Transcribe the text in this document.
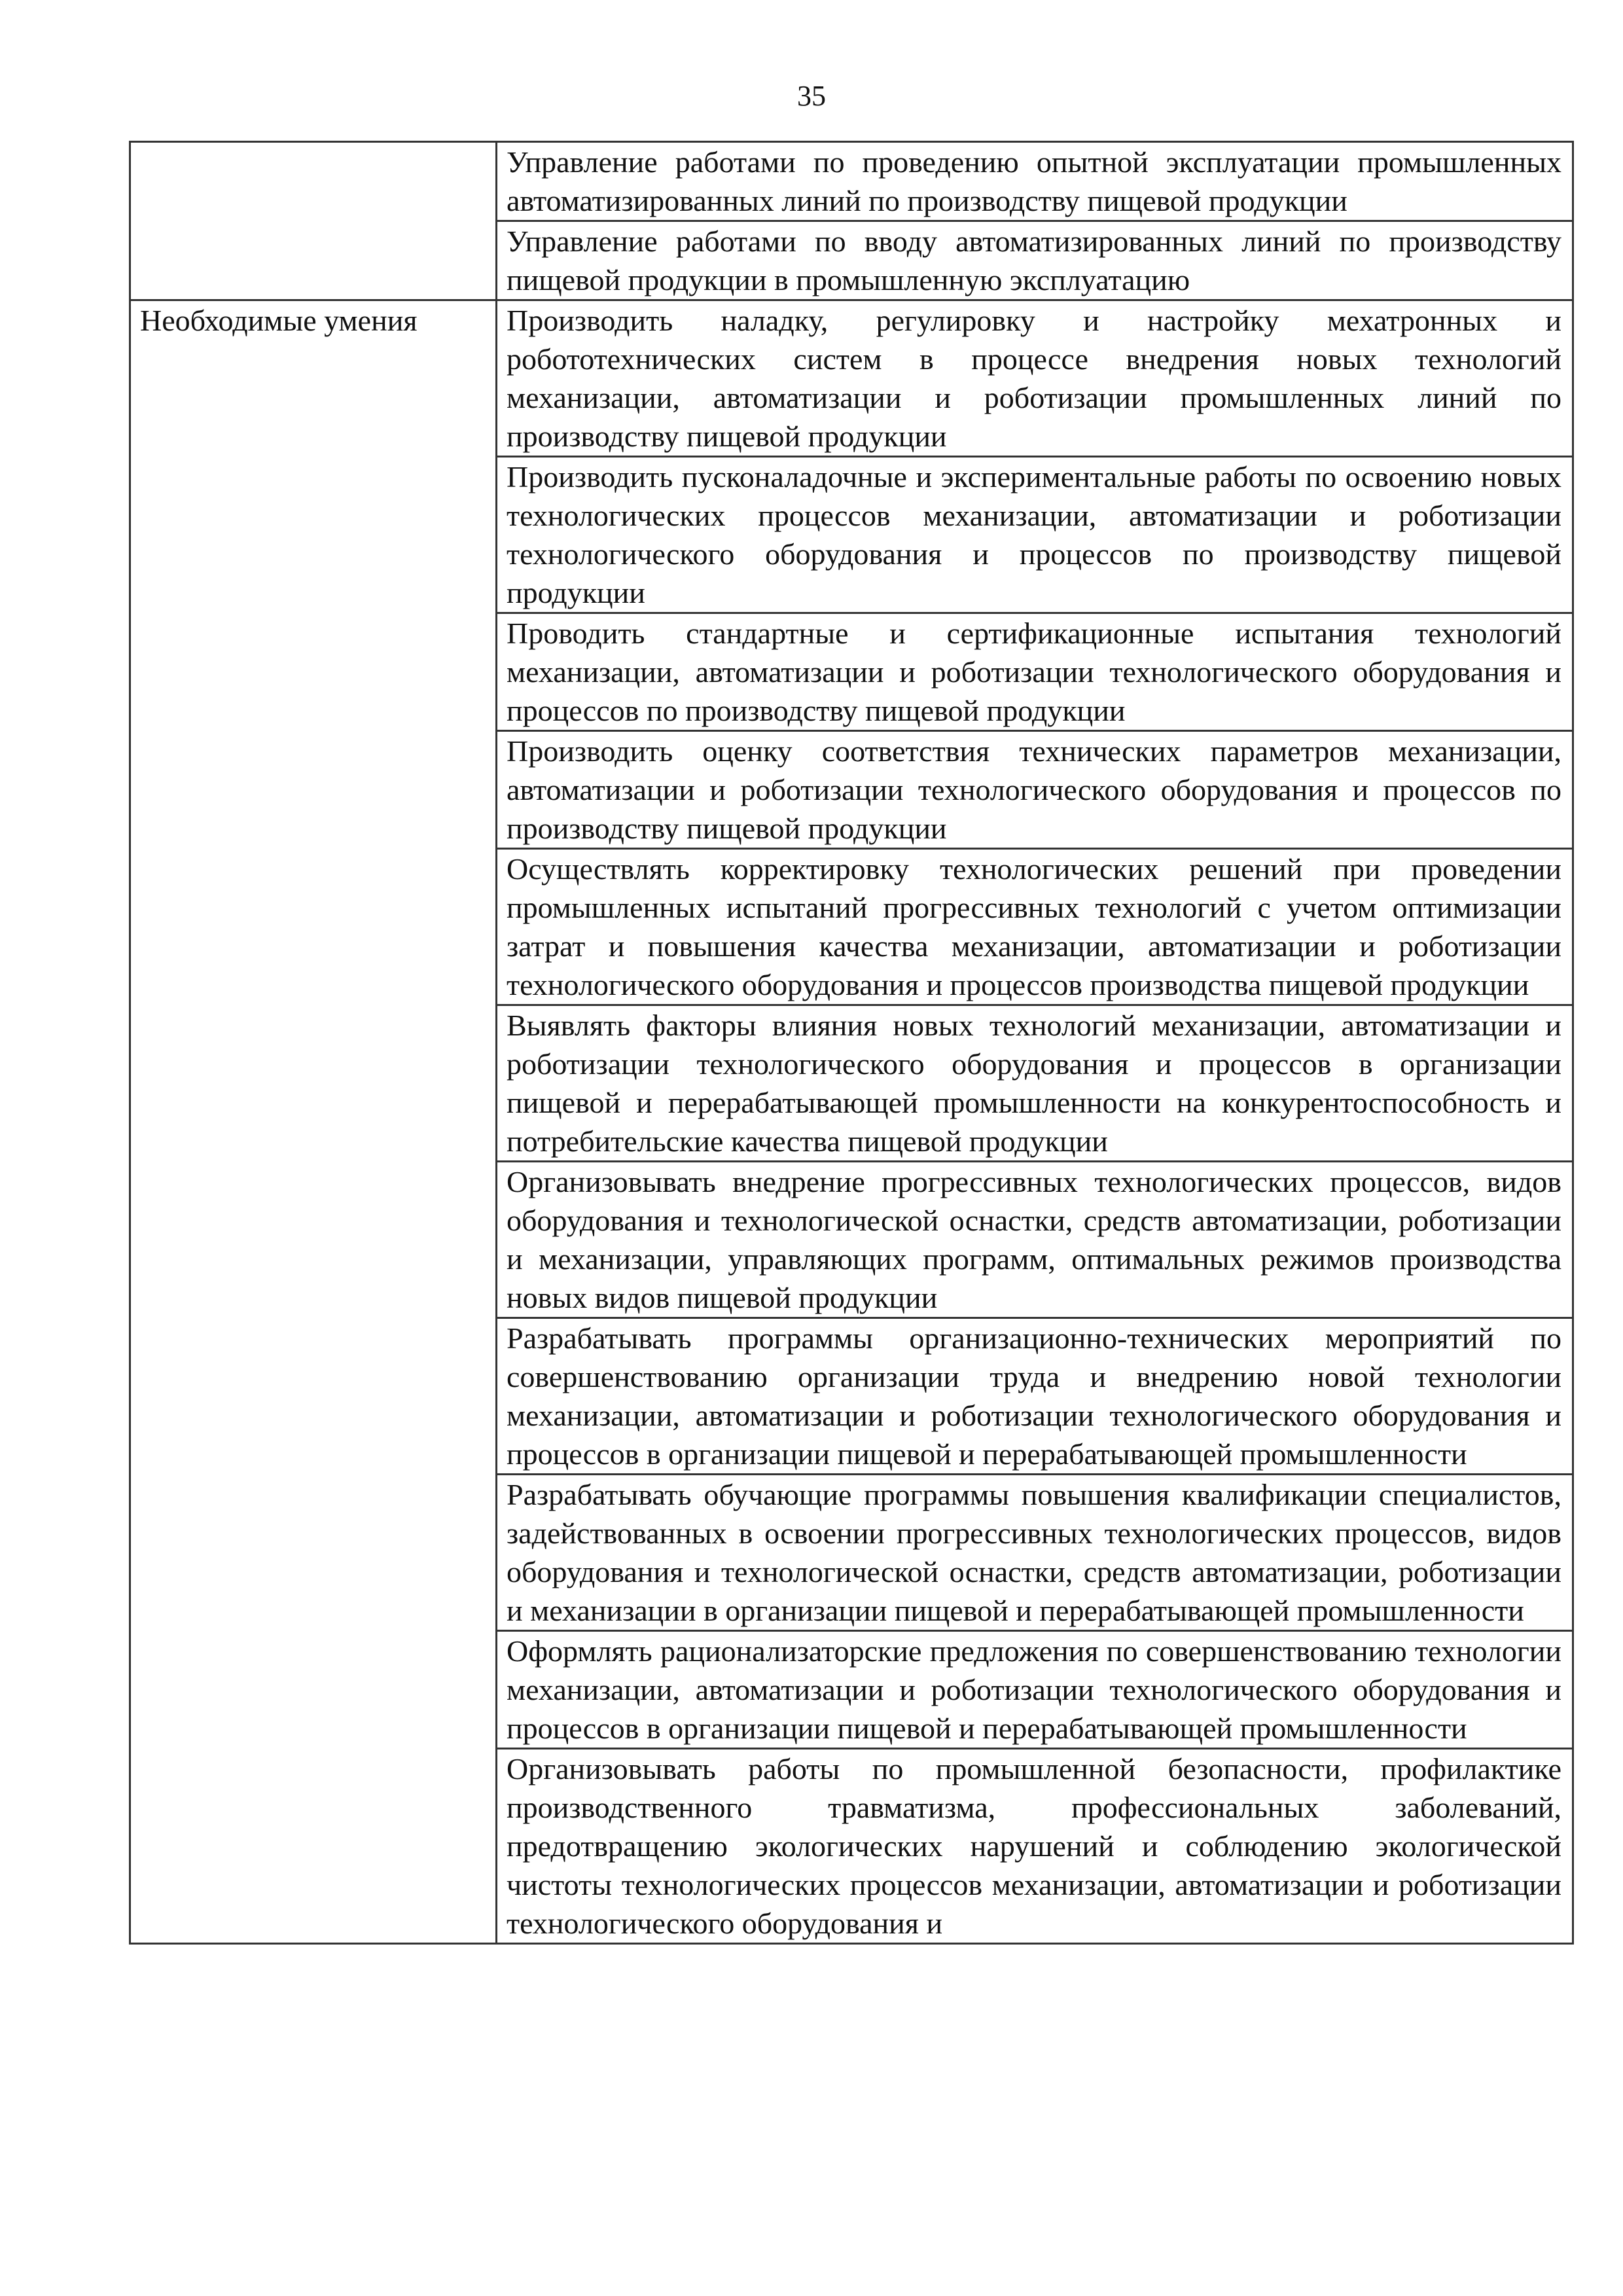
35

	Управление работами по проведению опытной эксплуатации промышленных автоматизированных линий по производству пищевой продукции

	Управление работами по вводу автоматизированных линий по производству пищевой продукции в промышленную эксплуатацию

Необходимые умения	Производить наладку, регулировку и настройку мехатронных и робототехнических систем в процессе внедрения новых технологий механизации, автоматизации и роботизации промышленных линий по производству пищевой продукции

	Производить пусконаладочные и экспериментальные работы по освоению новых технологических процессов механизации, автоматизации и роботизации технологического оборудования и процессов по производству пищевой продукции

	Проводить стандартные и сертификационные испытания технологий механизации, автоматизации и роботизации технологического оборудования и процессов по производству пищевой продукции

	Производить оценку соответствия технических параметров механизации, автоматизации и роботизации технологического оборудования и процессов по производству пищевой продукции

	Осуществлять корректировку технологических решений при проведении промышленных испытаний прогрессивных технологий с учетом оптимизации затрат и повышения качества механизации, автоматизации и роботизации технологического оборудования и процессов производства пищевой продукции

	Выявлять факторы влияния новых технологий механизации, автоматизации и роботизации технологического оборудования и процессов в организации пищевой и перерабатывающей промышленности на конкурентоспособность и потребительские качества пищевой продукции

	Организовывать внедрение прогрессивных технологических процессов, видов оборудования и технологической оснастки, средств автоматизации, роботизации и механизации, управляющих программ, оптимальных режимов производства новых видов пищевой продукции

	Разрабатывать программы организационно-технических мероприятий по совершенствованию организации труда и внедрению новой технологии механизации, автоматизации и роботизации технологического оборудования и процессов в организации пищевой и перерабатывающей промышленности

	Разрабатывать обучающие программы повышения квалификации специалистов, задействованных в освоении прогрессивных технологических процессов, видов оборудования и технологической оснастки, средств автоматизации, роботизации и механизации в организации пищевой и перерабатывающей промышленности

	Оформлять рационализаторские предложения по совершенствованию технологии механизации, автоматизации и роботизации технологического оборудования и процессов в организации пищевой и перерабатывающей промышленности

	Организовывать работы по промышленной безопасности, профилактике производственного травматизма, профессиональных заболеваний, предотвращению экологических нарушений и соблюдению экологической чистоты технологических процессов механизации, автоматизации и роботизации технологического оборудования и
